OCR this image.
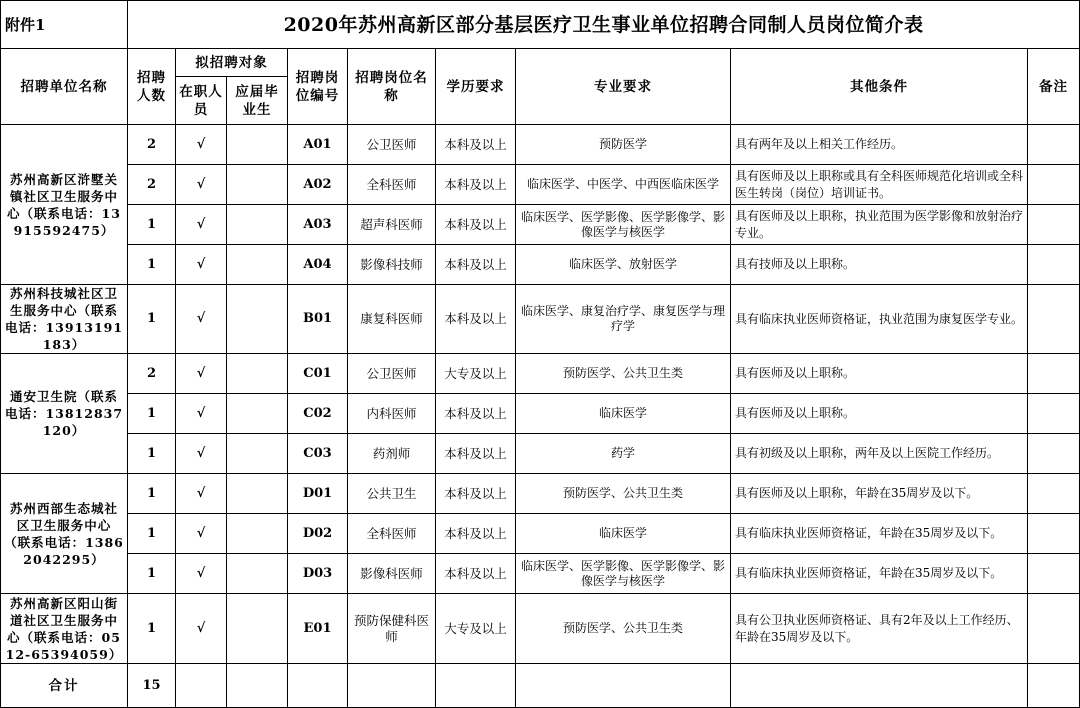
附件1	2020年苏州高新区部分基层医疗卫生事业单位招聘合同制人员岗位简介表								
招聘单位名称	招聘人数	拟招聘对象		招聘岗位编号	招聘岗位名称	学历要求	专业要求	其他条件	备注
		在职人员	应届毕业生						
苏州高新区浒墅关镇社区卫生服务中心（联系电话：13915592475）	2	√		A01	公卫医师	本科及以上	预防医学	具有两年及以上相关工作经历。	
	2	√		A02	全科医师	本科及以上	临床医学、中医学、中西医临床医学	具有医师及以上职称或具有全科医师规范化培训或全科医生转岗（岗位）培训证书。	
	1	√		A03	超声科医师	本科及以上	临床医学、医学影像、医学影像学、影像医学与核医学	具有医师及以上职称，执业范围为医学影像和放射治疗专业。	
	1	√		A04	影像科技师	本科及以上	临床医学、放射医学	具有技师及以上职称。	
苏州科技城社区卫生服务中心（联系电话：13913191183）	1	√		B01	康复科医师	本科及以上	临床医学、康复治疗学、康复医学与理疗学	具有临床执业医师资格证，执业范围为康复医学专业。	
通安卫生院（联系电话：13812837120）	2	√		C01	公卫医师	大专及以上	预防医学、公共卫生类	具有医师及以上职称。	
	1	√		C02	内科医师	本科及以上	临床医学	具有医师及以上职称。	
	1	√		C03	药剂师	本科及以上	药学	具有初级及以上职称，两年及以上医院工作经历。	
苏州西部生态城社区卫生服务中心（联系电话：13862042295）	1	√		D01	公共卫生	本科及以上	预防医学、公共卫生类	具有医师及以上职称，年龄在35周岁及以下。	
	1	√		D02	全科医师	本科及以上	临床医学	具有临床执业医师资格证，年龄在35周岁及以下。	
	1	√		D03	影像科医师	本科及以上	临床医学、医学影像、医学影像学、影像医学与核医学	具有临床执业医师资格证，年龄在35周岁及以下。	
苏州高新区阳山街道社区卫生服务中心（联系电话：0512-65394059）	1	√		E01	预防保健科医师	大专及以上	预防医学、公共卫生类	具有公卫执业医师资格证、具有2年及以上工作经历、年龄在35周岁及以下。	
合计	15								
